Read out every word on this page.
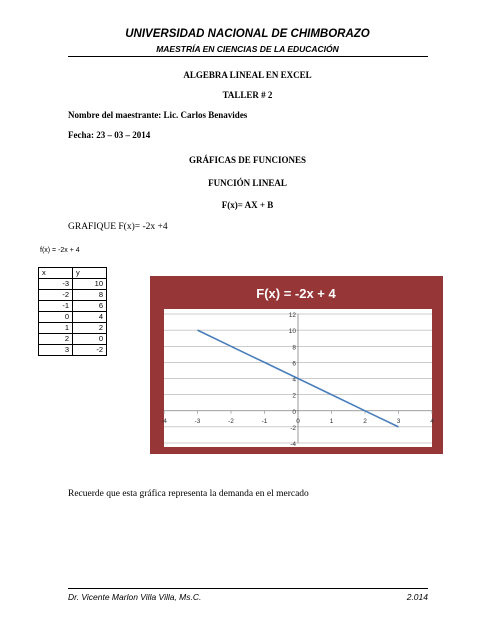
UNIVERSIDAD NACIONAL DE CHIMBORAZO
MAESTRÍA EN CIENCIAS DE LA EDUCACIÓN
ALGEBRA LINEAL EN EXCEL
TALLER # 2
Nombre del maestrante: Lic. Carlos Benavides
Fecha: 23 – 03 – 2014
GRÁFICAS DE FUNCIONES
FUNCIÓN LINEAL
F(x)= AX + B
GRAFIQUE F(x)= -2x +4
f(x) = -2x + 4
x	y
-3	10
-2	8
-1	6
0	4
1	2
2	0
3	-2
F(x) = -2x + 4
-4
-2
0
2
4
6
8
10
12
-4	-3	-2	-1	0	1	2	3	4
Recuerde que esta gráfica representa la demanda en el mercado
Dr. Vicente Marlon Villa Villa, Ms.C.	2.014
